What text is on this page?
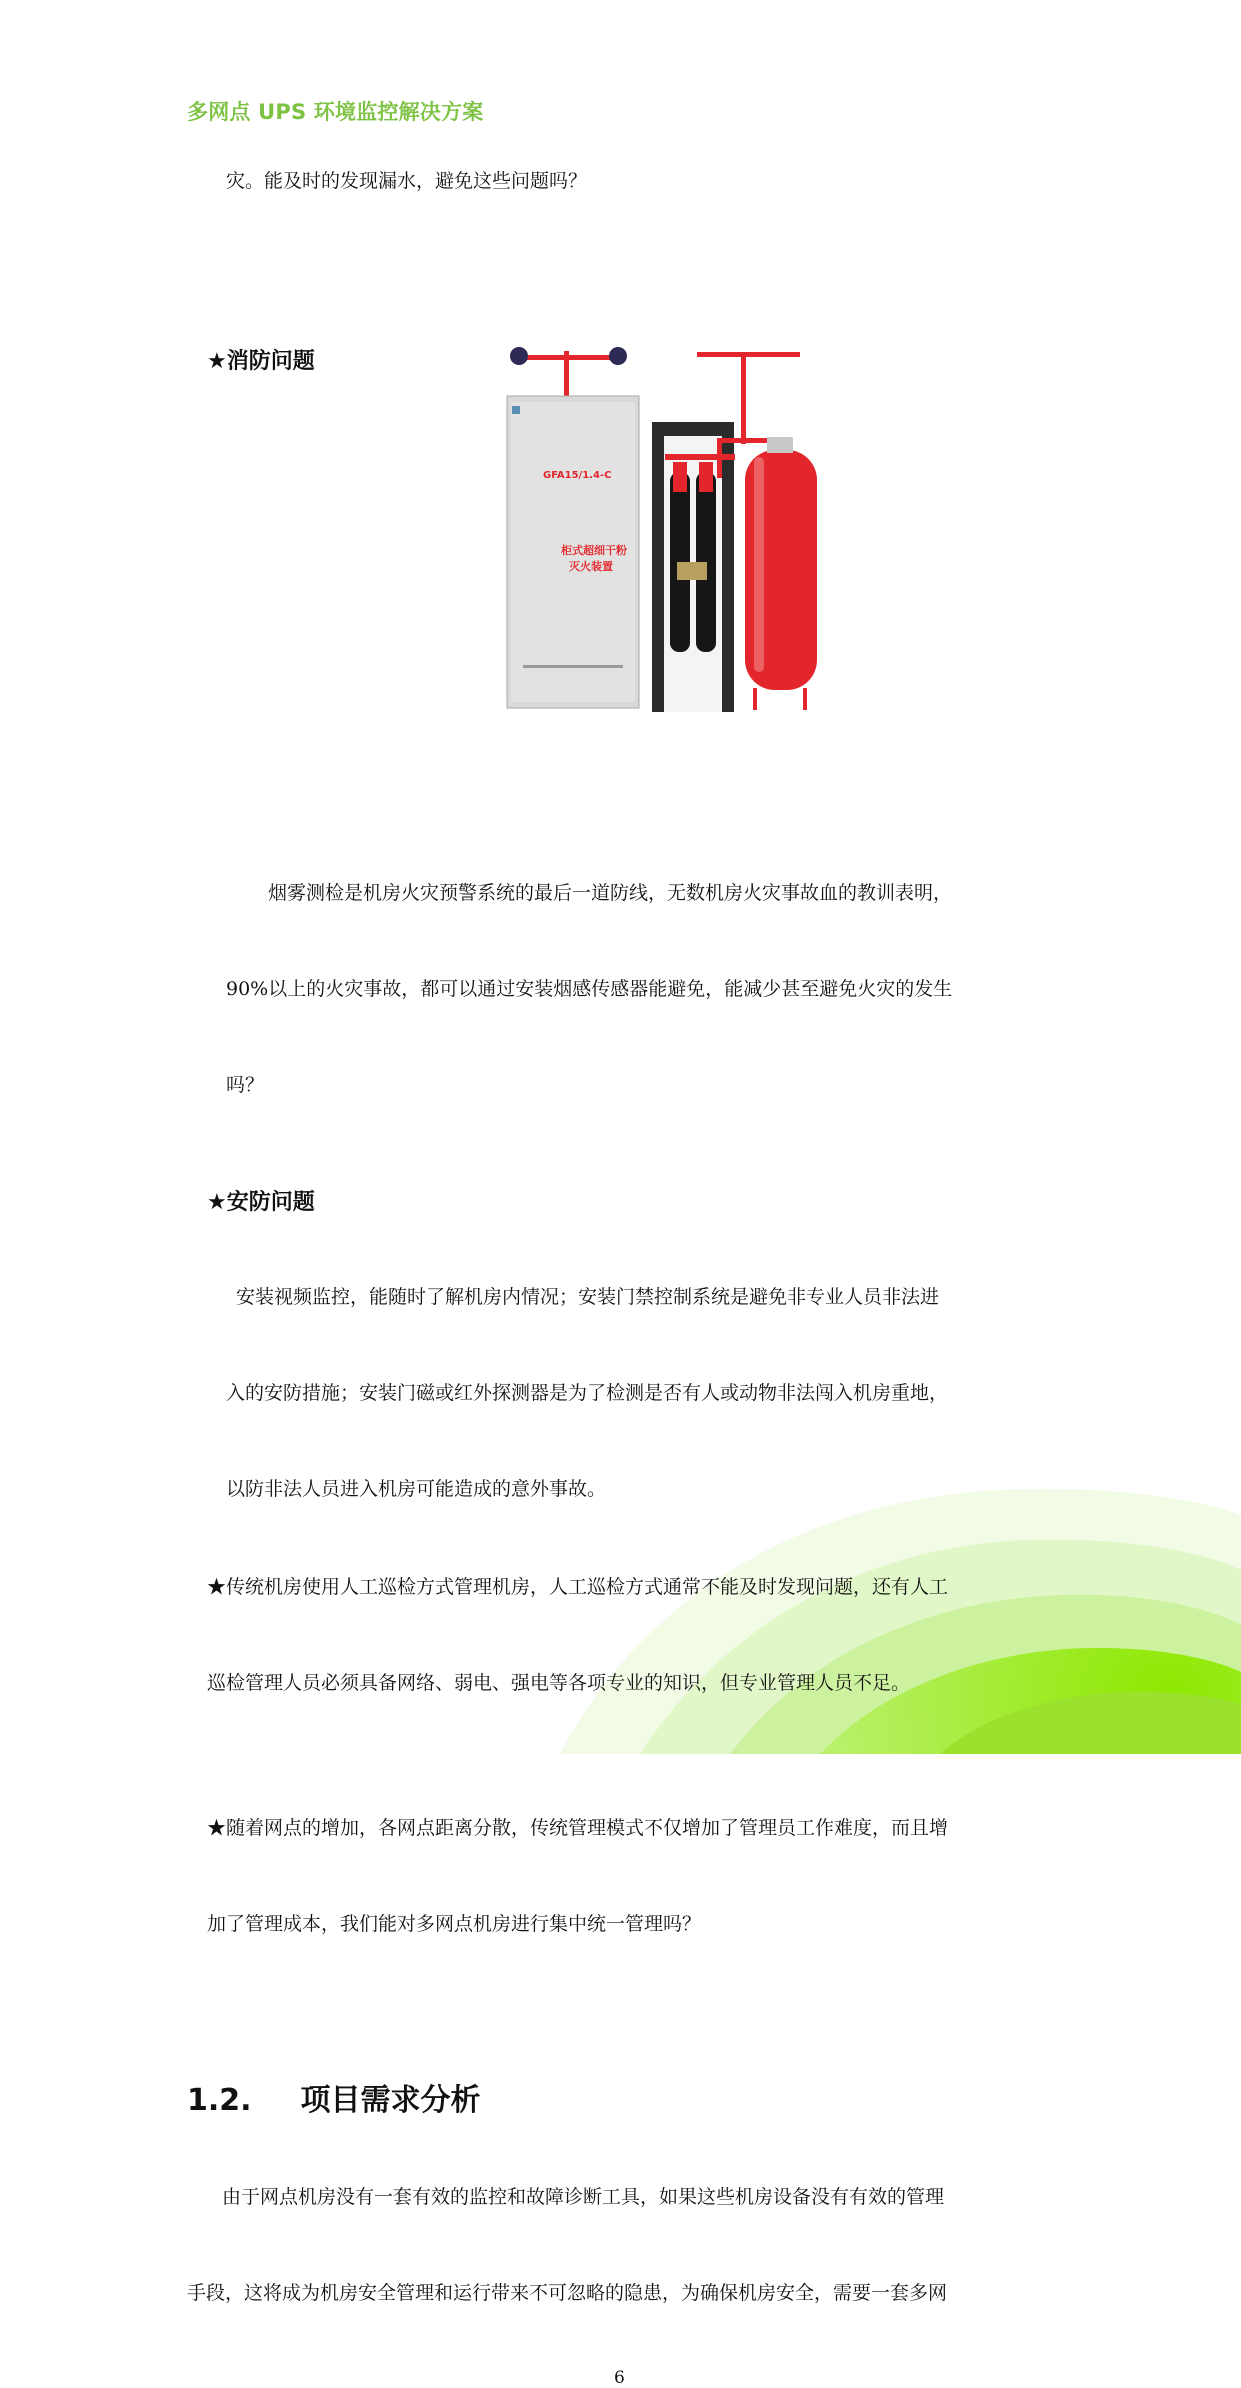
多网点 UPS 环境监控解决方案
灾。能及时的发现漏水，避免这些问题吗？
★消防问题
GFA15/1.4-C
柜式超细干粉
灭火装置
烟雾测检是机房火灾预警系统的最后一道防线，无数机房火灾事故血的教训表明，
90%以上的火灾事故，都可以通过安装烟感传感器能避免，能减少甚至避免火灾的发生
吗？
★安防问题
安装视频监控，能随时了解机房内情况；安装门禁控制系统是避免非专业人员非法进
入的安防措施；安装门磁或红外探测器是为了检测是否有人或动物非法闯入机房重地，
以防非法人员进入机房可能造成的意外事故。
★传统机房使用人工巡检方式管理机房，人工巡检方式通常不能及时发现问题，还有人工
巡检管理人员必须具备网络、弱电、强电等各项专业的知识，但专业管理人员不足。
★随着网点的增加，各网点距离分散，传统管理模式不仅增加了管理员工作难度，而且增
加了管理成本，我们能对多网点机房进行集中统一管理吗？
1.2. 项目需求分析
由于网点机房没有一套有效的监控和故障诊断工具，如果这些机房设备没有有效的管理
手段，这将成为机房安全管理和运行带来不可忽略的隐患，为确保机房安全，需要一套多网
6
